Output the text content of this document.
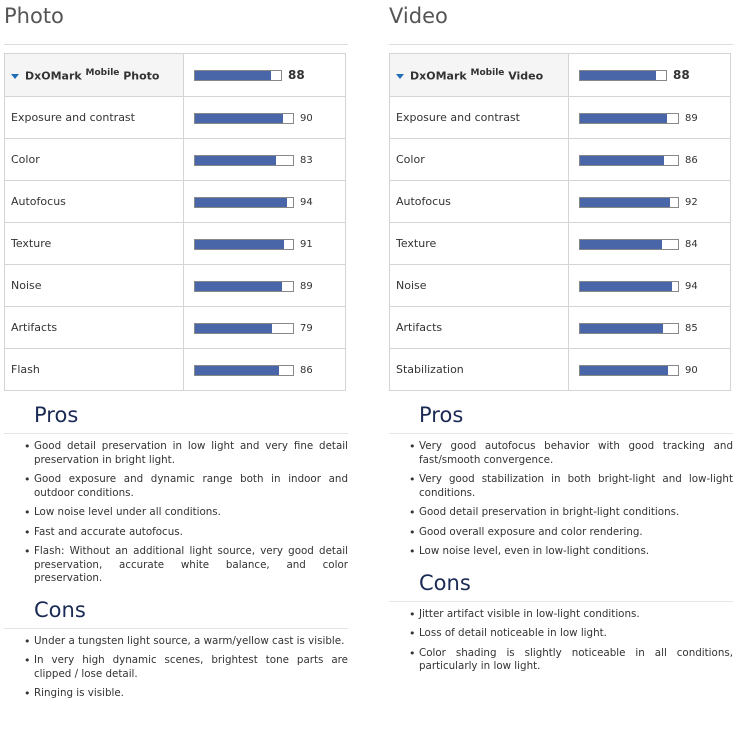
Photo
DxOMark $^{Mobile}$ Photo	88
Exposure and contrast	90
Color	83
Autofocus	94
Texture	91
Noise	89
Artifacts	79
Flash	86
Pros
• Good detail preservation in low light and very fine detail preservation in bright light.
• Good exposure and dynamic range both in indoor and outdoor conditions.
• Low noise level under all conditions.
• Fast and accurate autofocus.
• Flash: Without an additional light source, very good detail preservation, accurate white balance, and color preservation.
Cons
• Under a tungsten light source, a warm/yellow cast is visible.
• In very high dynamic scenes, brightest tone parts are clipped / lose detail.
• Ringing is visible.
Video
DxOMark $^{Mobile}$ Video	88
Exposure and contrast	89
Color	86
Autofocus	92
Texture	84
Noise	94
Artifacts	85
Stabilization	90
Pros
• Very good autofocus behavior with good tracking and fast/smooth convergence.
• Very good stabilization in both bright-light and low-light conditions.
• Good detail preservation in bright-light conditions.
• Good overall exposure and color rendering.
• Low noise level, even in low-light conditions.
Cons
• Jitter artifact visible in low-light conditions.
• Loss of detail noticeable in low light.
• Color shading is slightly noticeable in all conditions, particularly in low light.
